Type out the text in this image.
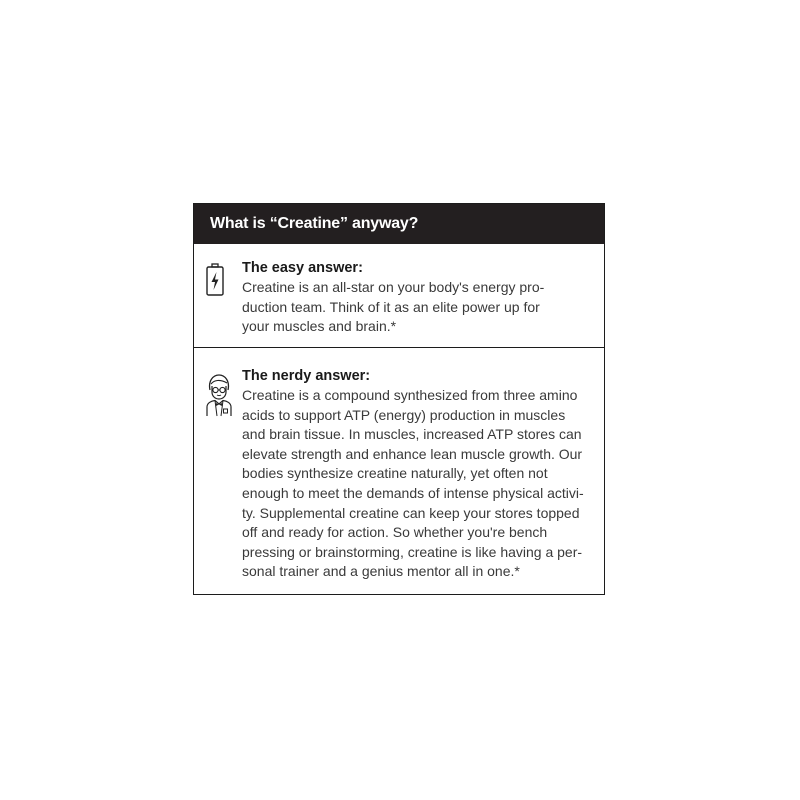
What is “Creatine” anyway?

The easy answer:

Creatine is an all-star on your body's energy pro-
duction team. Think of it as an elite power up for
your muscles and brain.*

The nerdy answer:

Creatine is a compound synthesized from three amino
acids to support ATP (energy) production in muscles
and brain tissue. In muscles, increased ATP stores can
elevate strength and enhance lean muscle growth. Our
bodies synthesize creatine naturally, yet often not
enough to meet the demands of intense physical activi-
ty. Supplemental creatine can keep your stores topped
off and ready for action. So whether you're bench
pressing or brainstorming, creatine is like having a per-
sonal trainer and a genius mentor all in one.*
